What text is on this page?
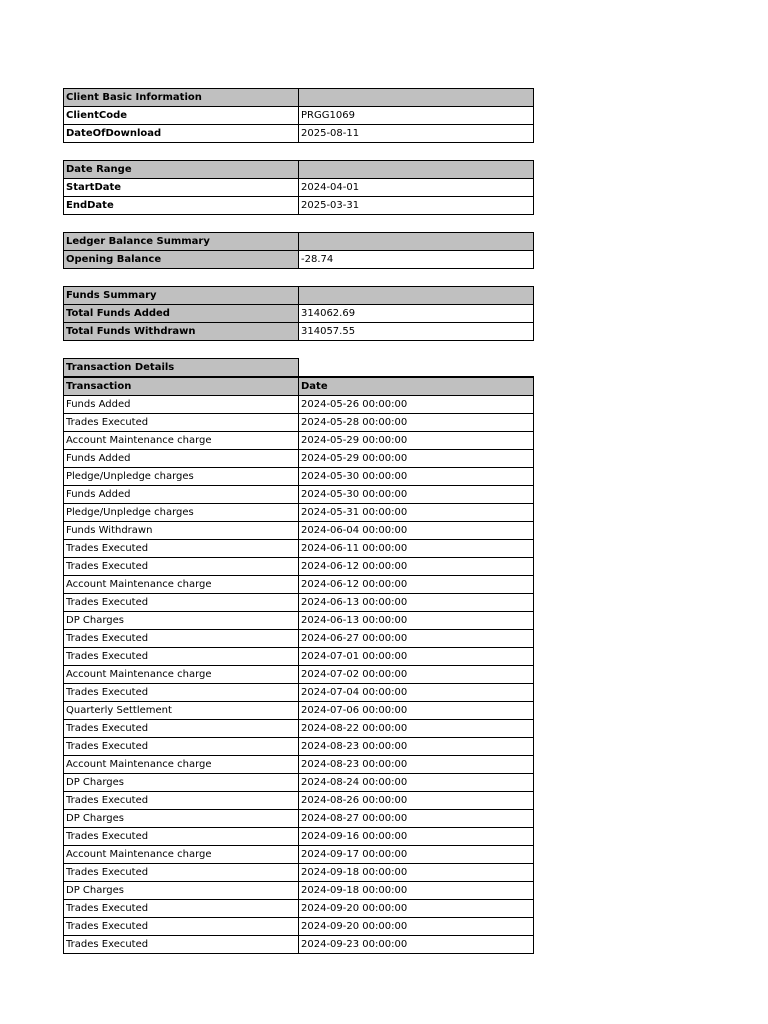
Client Basic Information	
ClientCode	PRGG1069
DateOfDownload	2025-08-11
Date Range	
StartDate	2024-04-01
EndDate	2025-03-31
Ledger Balance Summary	
Opening Balance	-28.74
Funds Summary	
Total Funds Added	314062.69
Total Funds Withdrawn	314057.55
Transaction Details	
Transaction	Date
Funds Added	2024-05-26 00:00:00
Trades Executed	2024-05-28 00:00:00
Account Maintenance charge	2024-05-29 00:00:00
Funds Added	2024-05-29 00:00:00
Pledge/Unpledge charges	2024-05-30 00:00:00
Funds Added	2024-05-30 00:00:00
Pledge/Unpledge charges	2024-05-31 00:00:00
Funds Withdrawn	2024-06-04 00:00:00
Trades Executed	2024-06-11 00:00:00
Trades Executed	2024-06-12 00:00:00
Account Maintenance charge	2024-06-12 00:00:00
Trades Executed	2024-06-13 00:00:00
DP Charges	2024-06-13 00:00:00
Trades Executed	2024-06-27 00:00:00
Trades Executed	2024-07-01 00:00:00
Account Maintenance charge	2024-07-02 00:00:00
Trades Executed	2024-07-04 00:00:00
Quarterly Settlement	2024-07-06 00:00:00
Trades Executed	2024-08-22 00:00:00
Trades Executed	2024-08-23 00:00:00
Account Maintenance charge	2024-08-23 00:00:00
DP Charges	2024-08-24 00:00:00
Trades Executed	2024-08-26 00:00:00
DP Charges	2024-08-27 00:00:00
Trades Executed	2024-09-16 00:00:00
Account Maintenance charge	2024-09-17 00:00:00
Trades Executed	2024-09-18 00:00:00
DP Charges	2024-09-18 00:00:00
Trades Executed	2024-09-20 00:00:00
Trades Executed	2024-09-20 00:00:00
Trades Executed	2024-09-23 00:00:00
